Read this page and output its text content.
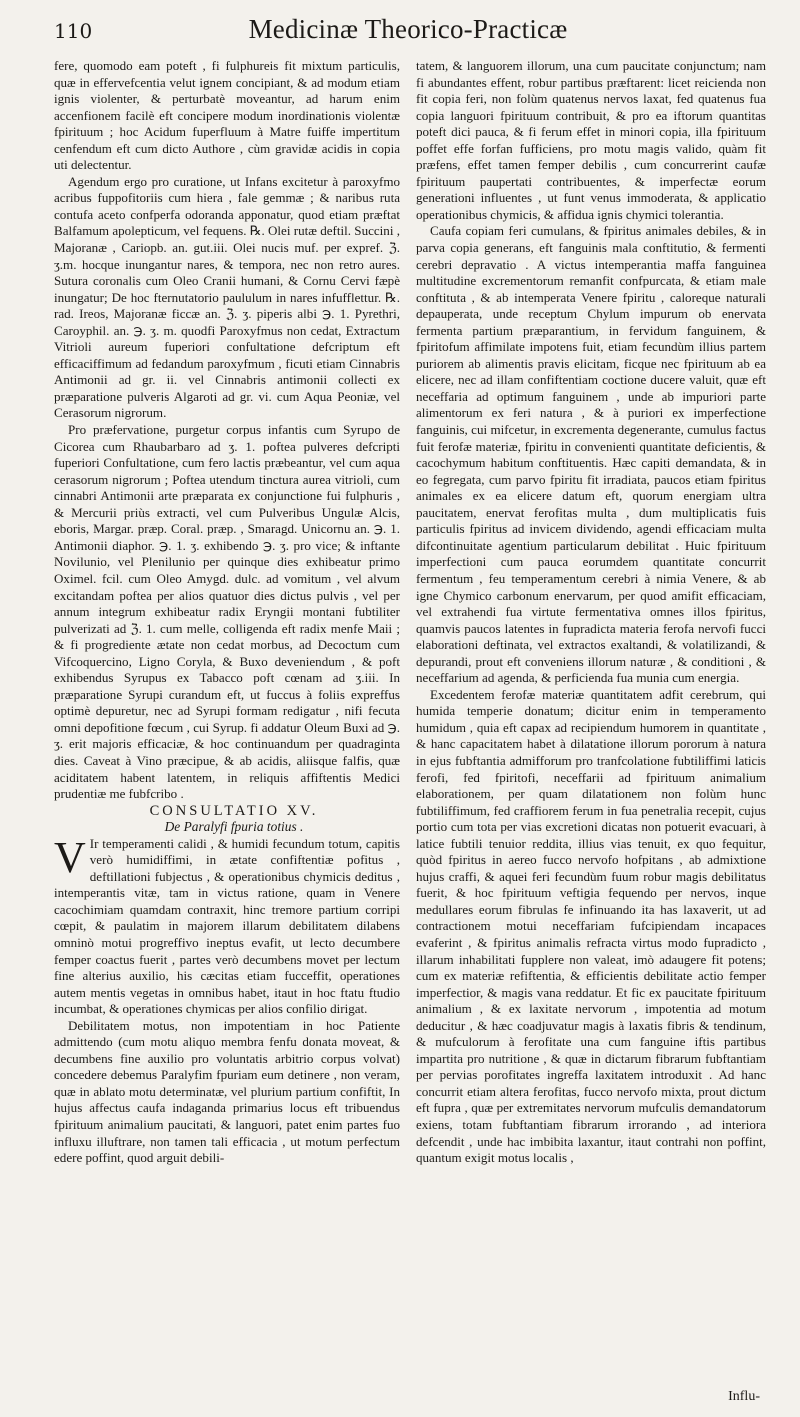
110	Medicinæ Theorico-Practicæ

fere, quomodo eam poteft , fi fulphureis fit mixtum particulis, quæ in effervefcentia velut ignem concipiant, & ad modum etiam ignis violenter, & perturbatè moveantur, ad harum enim accenfionem facilè eft concipere modum inordinationis violentæ fpirituum ; hoc Acidum fuperfluum à Matre fuiffe impertitum cenfendum eft cum dicto Authore , cùm gravidæ acidis in copia uti delectentur.

Agendum ergo pro curatione, ut Infans excitetur à paroxyfmo acribus fuppofitoriis cum hiera , fale gemmæ ; & naribus ruta contufa aceto confperfa odoranda apponatur, quod etiam præftat Balfamum apolepticum, vel fequens. ℞. Olei rutæ deftil. Succini , Majoranæ , Cariopb. an. gut.iii. Olei nucis muf. per expref. ℨ. ʒ.m. hocque inungantur nares, & tempora, nec non retro aures. Sutura coronalis cum Oleo Cranii humani, & Cornu Cervi fæpè inungatur; De hoc fternutatorio paululum in nares infufflettur. ℞. rad. Ireos, Majoranæ ficcæ an. ℨ. ʒ. piperis albi ℈. 1. Pyrethri, Caroyphil. an. ℈. ʒ. m. quodfi Paroxyfmus non cedat, Extractum Vitrioli aureum fuperiori confultatione defcriptum eft efficaciffimum ad fedandum paroxyfmum , ficuti etiam Cinnabris Antimonii ad gr. ii. vel Cinnabris antimonii collecti ex præparatione pulveris Algaroti ad gr. vi. cum Aqua Peoniæ, vel Cerasorum nigrorum.

Pro præfervatione, purgetur corpus infantis cum Syrupo de Cicorea cum Rhaubarbaro ad ʒ. 1. poftea pulveres defcripti fuperiori Confultatione, cum fero lactis præbeantur, vel cum aqua cerasorum nigrorum ; Poftea utendum tinctura aurea vitrioli, cum cinnabri Antimonii arte præparata ex conjunctione fui fulphuris , & Mercurii priùs extracti, vel cum Pulveribus Ungulæ Alcis, eboris, Margar. præp. Coral. præp. , Smaragd. Unicornu an. ℈. 1. Antimonii diaphor. ℈. 1. ʒ. exhibendo ℈. ʒ. pro vice; & inftante Novilunio, vel Plenilunio per quinque dies exhibeatur primo Oximel. fcil. cum Oleo Amygd. dulc. ad vomitum , vel alvum excitandam poftea per alios quatuor dies dictus pulvis , vel per annum integrum exhibeatur radix Eryngii montani fubtiliter pulverizati ad ℨ. 1. cum melle, colligenda eft radix menfe Maii ; & fi progrediente ætate non cedat morbus, ad Decoctum cum Vifcoquercino, Ligno Coryla, & Buxo deveniendum , & poft exhibendus Syrupus ex Tabacco poft cœnam ad ʒ.iii. In præparatione Syrupi curandum eft, ut fuccus à foliis expreffus optimè depuretur, nec ad Syrupi formam redigatur , nifi fecuta omni depofitione fœcum , cui Syrup. fi addatur Oleum Buxi ad ℈. ʒ. erit majoris efficaciæ, & hoc continuandum per quadraginta dies. Caveat à Vino præcipue, & ab acidis, aliisque falfis, quæ aciditatem habent latentem, in reliquis affiftentis Medici prudentiæ me fubfcribo .

CONSULTATIO XV.

De Paralyfi fpuria totius .

V Ir temperamenti calidi , & humidi fecundum totum, capitis verò humidiffimi, in ætate confiftentiæ pofitus , deftillationi fubjectus , & operationibus chymicis deditus , intemperantis vitæ, tam in victus ratione, quam in Venere cacochimiam quamdam contraxit, hinc tremore partium corripi cœpit, & paulatim in majorem illarum debilitatem dilabens omninò motui progreffivo ineptus evafit, ut lecto decumbere femper coactus fuerit , partes verò decumbens movet per lectum fine alterius auxilio, his cæcitas etiam fucceffit, operationes autem mentis vegetas in omnibus habet, itaut in hoc ftatu ftudio incumbat, & operationes chymicas per alios confilio dirigat.

Debilitatem motus, non impotentiam in hoc Patiente admittendo (cum motu aliquo membra fenfu donata moveat, & decumbens fine auxilio pro voluntatis arbitrio corpus volvat) concedere debemus Paralyfim fpuriam eum detinere , non veram, quæ in ablato motu determinatæ, vel plurium partium confiftit, In hujus affectus caufa indaganda primarius locus eft tribuendus fpirituum animalium paucitati, & languori, patet enim partes fuo influxu illuftrare, non tamen tali efficacia , ut motum perfectum edere poffint, quod arguit debili-

tatem, & languorem illorum, una cum paucitate conjunctum; nam fi abundantes effent, robur partibus præftarent: licet reicienda non fit copia feri, non folùm quatenus nervos laxat, fed quatenus fua copia languori fpirituum contribuit, & pro ea iftorum quantitas poteft dici pauca, & fi ferum effet in minori copia, illa fpirituum poffet effe forfan fufficiens, pro motu magis valido, quàm fit præfens, effet tamen femper debilis , cum concurrerint caufæ fpirituum paupertati contribuentes, & imperfectæ eorum generationi influentes , ut funt venus immoderata, & applicatio operationibus chymicis, & affidua ignis chymici tolerantia.

Caufa copiam feri cumulans, & fpiritus animales debiles, & in parva copia generans, eft fanguinis mala conftitutio, & fermenti cerebri depravatio . A victus intemperantia maffa fanguinea multitudine excrementorum remanfit confpurcata, & etiam male conftituta , & ab intemperata Venere fpiritu , caloreque naturali depauperata, unde receptum Chylum impurum ob enervata fermenta partium præparantium, in fervidum fanguinem, & fpiritofum affimilate impotens fuit, etiam fecundùm illius partem puriorem ab alimentis pravis elicitam, ficque nec fpirituum ab ea elicere, nec ad illam confiftentiam coctione ducere valuit, quæ eft neceffaria ad optimum fanguinem , unde ab impuriori parte alimentorum ex feri natura , & à puriori ex imperfectione fanguinis, cui mifcetur, in excrementa degenerante, cumulus factus fuit ferofæ materiæ, fpiritu in convenienti quantitate deficientis, & cacochymum habitum conftituentis. Hæc capiti demandata, & in eo fegregata, cum parvo fpiritu fit irradiata, paucos etiam fpiritus animales ex ea elicere datum eft, quorum energiam ultra paucitatem, enervat ferofitas multa , dum multiplicatis fuis particulis fpiritus ad invicem dividendo, agendi efficaciam multa difcontinuitate agentium particularum debilitat . Huic fpirituum imperfectioni cum pauca eorumdem quantitate concurrit fermentum , feu temperamentum cerebri à nimia Venere, & ab igne Chymico carbonum enervarum, per quod amifit efficaciam, vel extrahendi fua virtute fermentativa omnes illos fpiritus, quamvis paucos latentes in fupradicta materia ferofa nervofi fucci elaborationi deftinata, vel extractos exaltandi, & volatilizandi, & depurandi, prout eft conveniens illorum naturæ , & conditioni , & neceffarium ad agenda, & perficienda fua munia cum energia.

Excedentem ferofæ materiæ quantitatem adfit cerebrum, qui humida temperie donatum; dicitur enim in temperamento humidum , quia eft capax ad recipiendum humorem in quantitate , & hanc capacitatem habet à dilatatione illorum pororum à natura in ejus fubftantia admifforum pro tranfcolatione fubtiliffimi laticis ferofi, fed fpiritofi, neceffarii ad fpirituum animalium elaborationem, per quam dilatationem non folùm hunc fubtiliffimum, fed craffiorem ferum in fua penetralia recepit, cujus portio cum tota per vias excretioni dicatas non potuerit evacuari, à latice fubtili tenuior reddita, illius vias tenuit, ex quo fequitur, quòd fpiritus in aereo fucco nervofo hofpitans , ab admixtione hujus craffi, & aquei feri fecundùm fuum robur magis debilitatus fuerit, & hoc fpirituum veftigia fequendo per nervos, inque medullares eorum fibrulas fe infinuando ita has laxaverit, ut ad contractionem motui neceffariam fufcipiendam incapaces evaferint , & fpiritus animalis refracta virtus modo fupradicto , illarum inhabilitati fupplere non valeat, imò adaugere fit potens; cum ex materiæ refiftentia, & efficientis debilitate actio femper imperfectior, & magis vana reddatur. Et fic ex paucitate fpirituum animalium , & ex laxitate nervorum , impotentia ad motum deducitur , & hæc coadjuvatur magis à laxatis fibris & tendinum, & mufculorum à ferofitate una cum fanguine iftis partibus impartita pro nutritione , & quæ in dictarum fibrarum fubftantiam per pervias porofitates ingreffa laxitatem introduxit . Ad hanc concurrit etiam altera ferofitas, fucco nervofo mixta, prout dictum eft fupra , quæ per extremitates nervorum mufculis demandatorum exiens, totam fubftantiam fibrarum irrorando , ad interiora defcendit , unde hac imbibita laxantur, itaut contrahi non poffint, quantum exigit motus localis ,

Influ-
